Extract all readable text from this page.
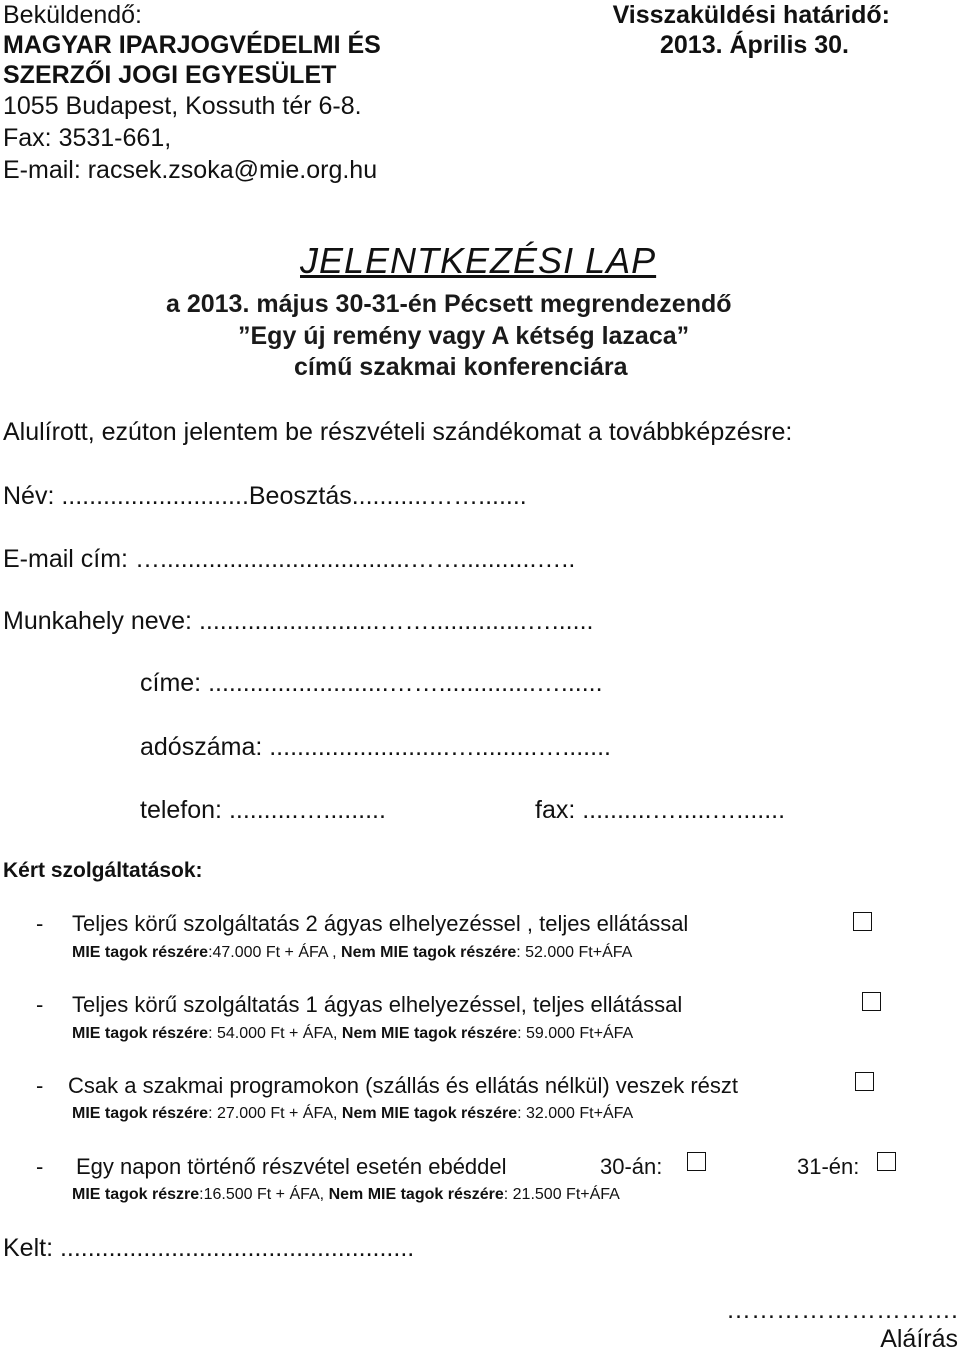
Beküldendő:
MAGYAR IPARJOGVÉDELMI ÉS
SZERZŐI JOGI EGYESÜLET
1055 Budapest, Kossuth tér 6-8.
Fax: 3531-661,
E-mail: racsek.zsoka@mie.org.hu
Visszaküldési határidő:
2013. Április 30.
JELENTKEZÉSI LAP
a 2013. május 30-31-én Pécsett megrendezendő
”Egy új remény vagy A kétség lazaca”
című szakmai konferenciára
Alulírott, ezúton jelentem be részvételi szándékomat a továbbképzésre:
Név: ...........................Beosztás...........…….......
E-mail cím: …....................................……...........…..
Munkahely neve: ..........................……..............…......
címe: ..........................……..............…......
adószáma: ..........................….........….......
telefon: ..........….........	fax: ..........….....….......
Kért szolgáltatások:
- Teljes körű szolgáltatás 2 ágyas elhelyezéssel , teljes ellátással
MIE tagok részére:47.000 Ft + ÁFA , Nem MIE tagok részére: 52.000 Ft+ÁFA
- Teljes körű szolgáltatás 1 ágyas elhelyezéssel, teljes ellátással
MIE tagok részére: 54.000 Ft + ÁFA, Nem MIE tagok részére: 59.000 Ft+ÁFA
- Csak a szakmai programokon (szállás és ellátás nélkül) veszek részt
MIE tagok részére: 27.000 Ft + ÁFA, Nem MIE tagok részére: 32.000 Ft+ÁFA
- Egy napon történő részvétel esetén ebéddel	30-án:	31-én:
MIE tagok részre:16.500 Ft + ÁFA, Nem MIE tagok részére: 21.500 Ft+ÁFA
Kelt: ...................................................
……………………….
Aláírás
